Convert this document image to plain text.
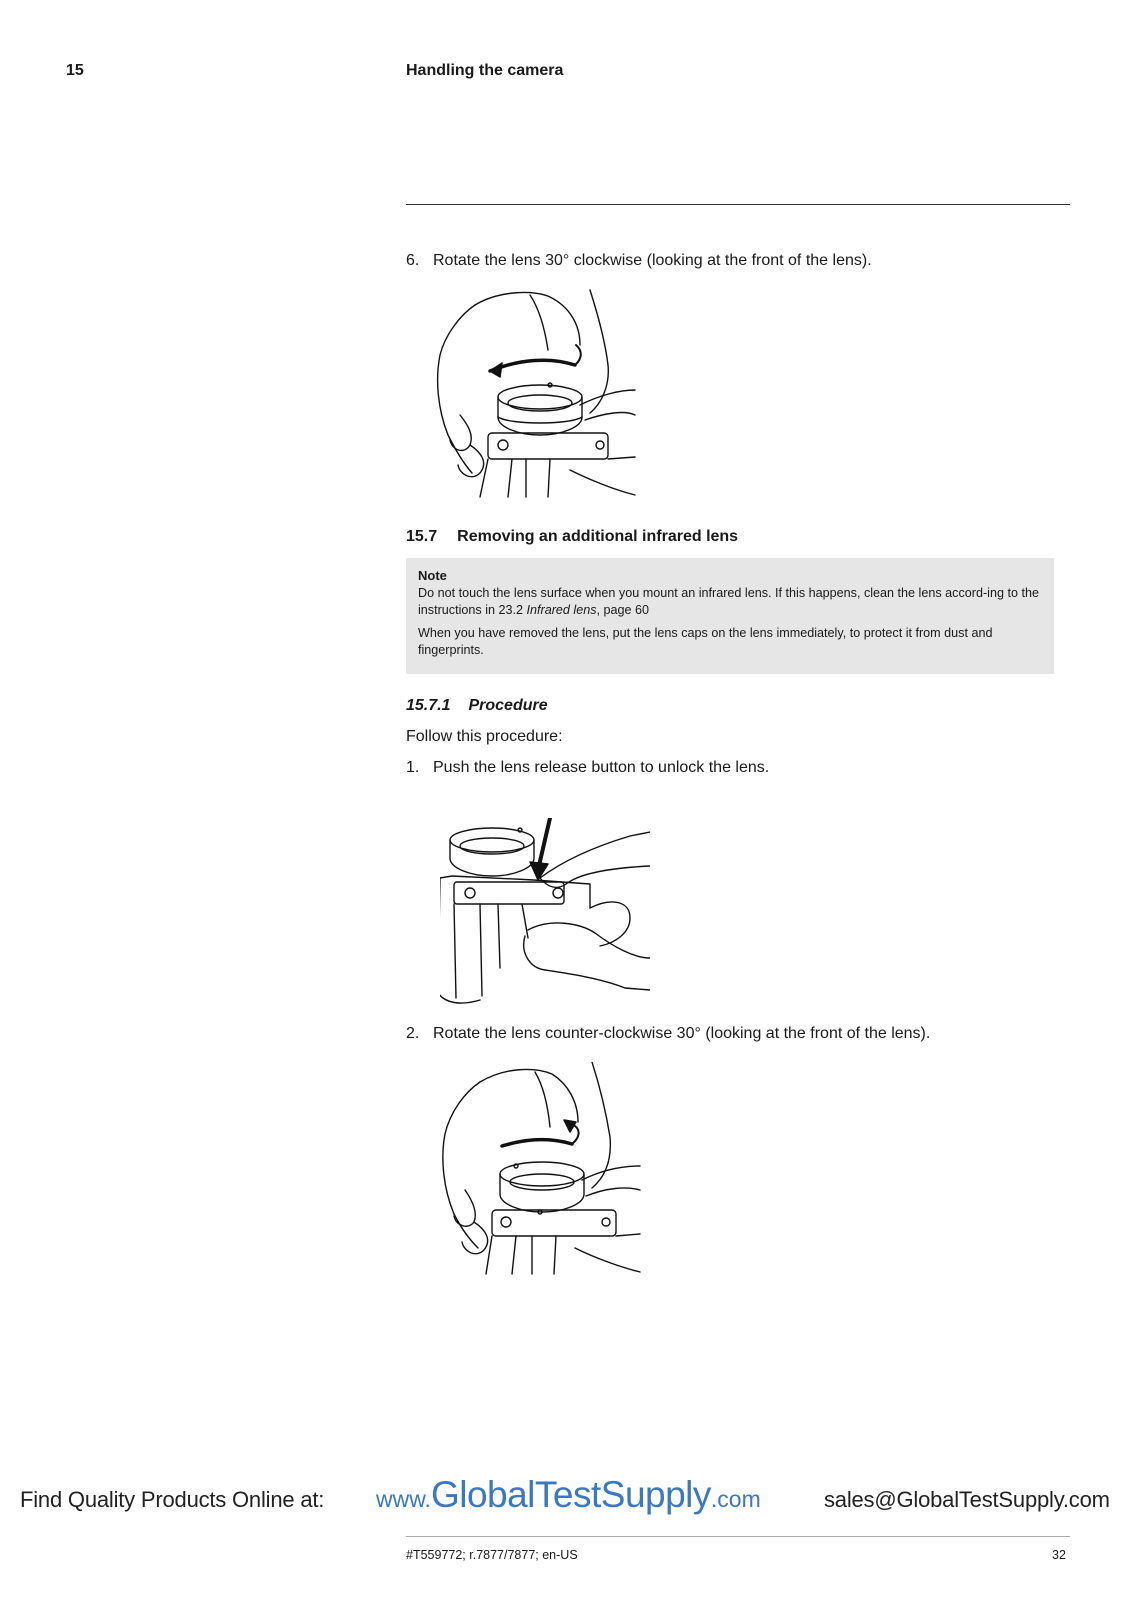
15	Handling the camera
6. Rotate the lens 30° clockwise (looking at the front of the lens).
15.7 Removing an additional infrared lens
Note

Do not touch the lens surface when you mount an infrared lens. If this happens, clean the lens accord-ing to the instructions in 23.2 Infrared lens, page 60

When you have removed the lens, put the lens caps on the lens immediately, to protect it from dust and fingerprints.

15.7.1 Procedure
Follow this procedure:
1. Push the lens release button to unlock the lens.
2. Rotate the lens counter-clockwise 30° (looking at the front of the lens).
Find Quality Products Online at: www.GlobalTestSupply.com	sales@GlobalTestSupply.com
#T559772; r.7877/7877; en-US	32
